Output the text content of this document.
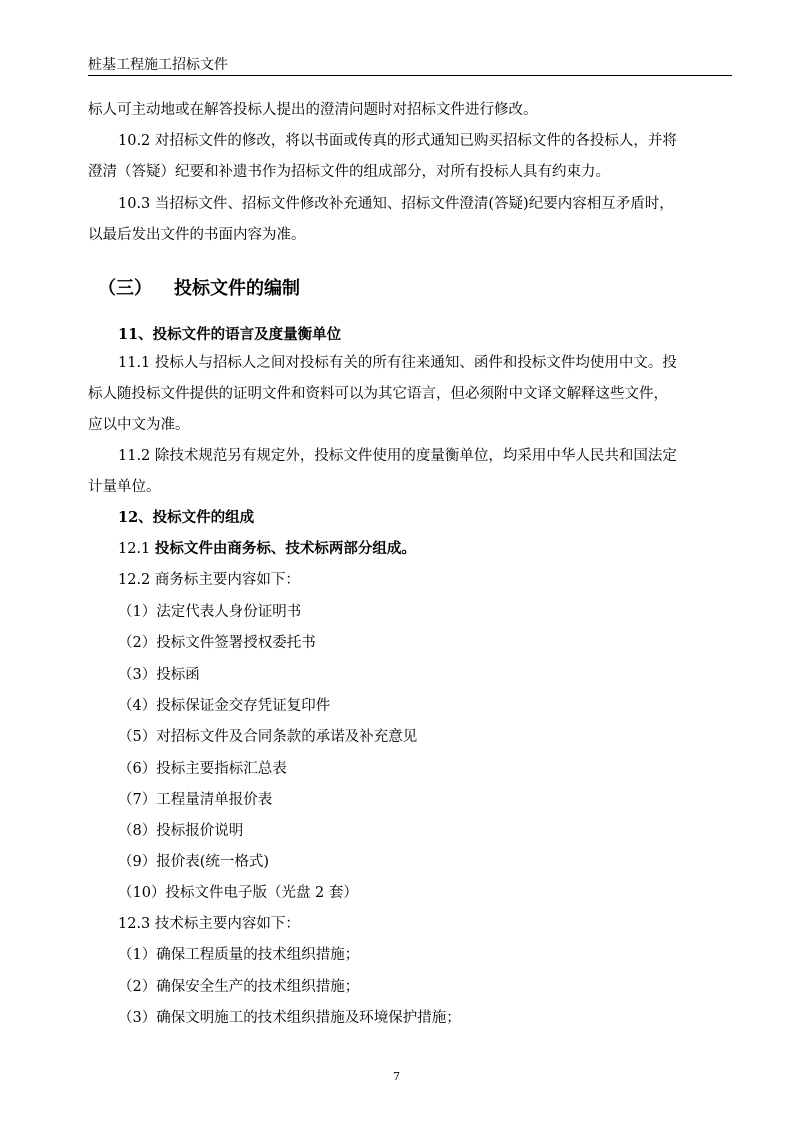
桩基工程施工招标文件
标人可主动地或在解答投标人提出的澄清问题时对招标文件进行修改。
10.2 对招标文件的修改，将以书面或传真的形式通知已购买招标文件的各投标人，并将
澄清（答疑）纪要和补遗书作为招标文件的组成部分，对所有投标人具有约束力。
10.3 当招标文件、招标文件修改补充通知、招标文件澄清(答疑)纪要内容相互矛盾时，
以最后发出文件的书面内容为准。
（三） 投标文件的编制
11、投标文件的语言及度量衡单位
11.1 投标人与招标人之间对投标有关的所有往来通知、函件和投标文件均使用中文。投
标人随投标文件提供的证明文件和资料可以为其它语言，但必须附中文译文解释这些文件，
应以中文为准。
11.2 除技术规范另有规定外，投标文件使用的度量衡单位，均采用中华人民共和国法定
计量单位。
12、投标文件的组成
12.1 投标文件由商务标、技术标两部分组成。
12.2 商务标主要内容如下：
（1）法定代表人身份证明书
（2）投标文件签署授权委托书
（3）投标函
（4）投标保证金交存凭证复印件
（5）对招标文件及合同条款的承诺及补充意见
（6）投标主要指标汇总表
（7）工程量清单报价表
（8）投标报价说明
（9）报价表(统一格式)
（10）投标文件电子版（光盘 2 套）
12.3 技术标主要内容如下：
（1）确保工程质量的技术组织措施；
（2）确保安全生产的技术组织措施；
（3）确保文明施工的技术组织措施及环境保护措施；
7
